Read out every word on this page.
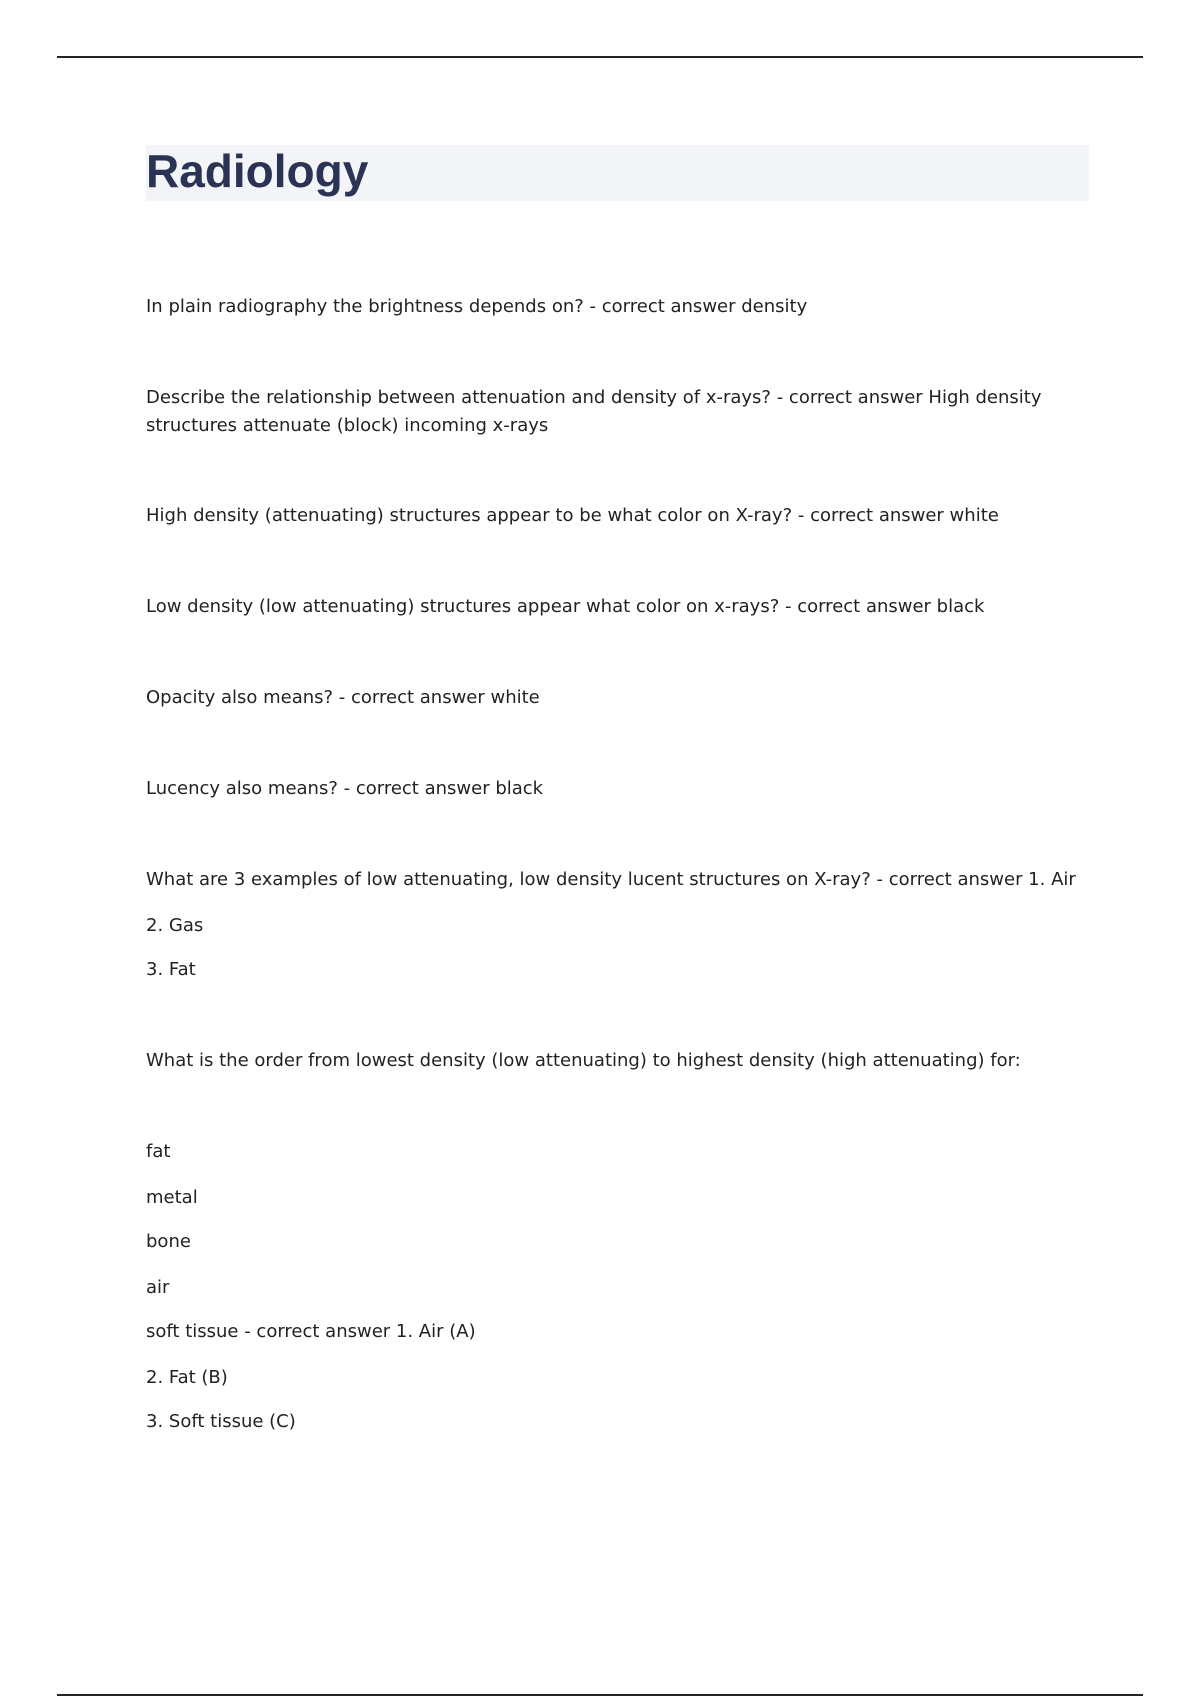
Radiology

In plain radiography the brightness depends on? - correct answer density

Describe the relationship between attenuation and density of x-rays? - correct answer High density structures attenuate (block) incoming x-rays

High density (attenuating) structures appear to be what color on X-ray? - correct answer white

Low density (low attenuating) structures appear what color on x-rays? - correct answer black

Opacity also means? - correct answer white

Lucency also means? - correct answer black

What are 3 examples of low attenuating, low density lucent structures on X-ray? - correct answer 1. Air

2. Gas

3. Fat

What is the order from lowest density (low attenuating) to highest density (high attenuating) for:

fat

metal

bone

air

soft tissue - correct answer 1. Air (A)

2. Fat (B)

3. Soft tissue (C)
